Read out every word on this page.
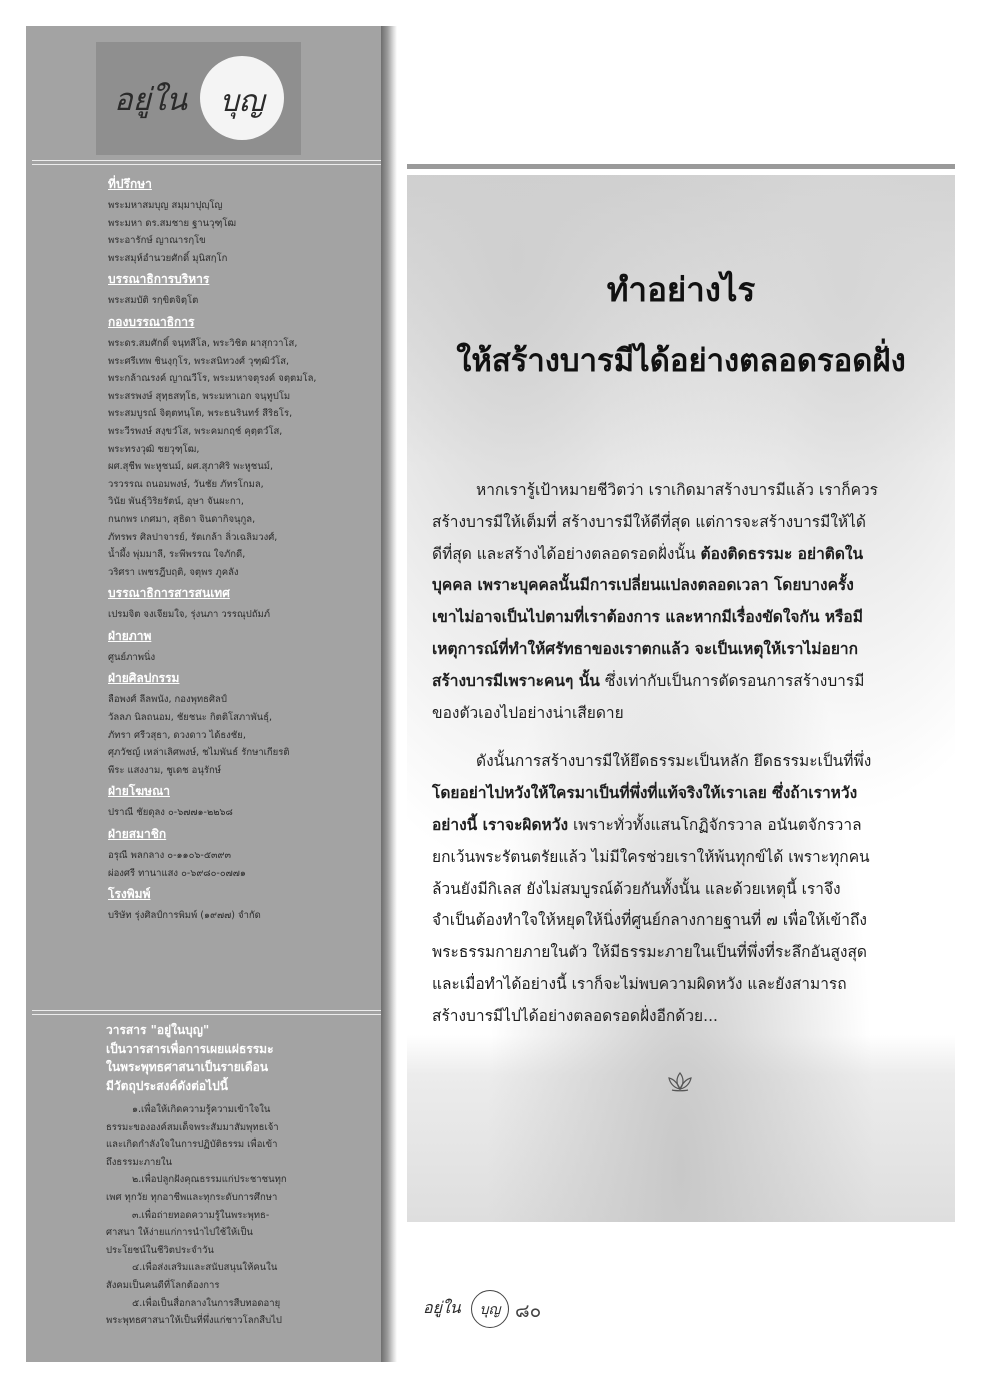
อยู่ใน	บุญ
ที่ปรึกษา
พระมหาสมบุญ สมฺมาปุญฺโญ
พระมหา ดร.สมชาย ฐานวุฑฺโฒ
พระอารักษ์ ญาณารกฺโข
พระสมุห์อำนวยศักดิ์ มุนิสกฺโก
บรรณาธิการบริหาร
พระสมบัติ รกฺขิตจิตฺโต
กองบรรณาธิการ
พระดร.สมศักดิ์ จนฺทสีโล, พระวิชิต ผาสุกวาโส,
พระศรีเทพ ชินงฺกุโร, พระสนิทวงศ์ วุฑฺฒิวํโส,
พระกล้าณรงค์ ญาณวีโร, พระมหาจตุรงค์ จตฺตมโล,
พระสรพงษ์ สุทฺธสทฺโธ, พระมหาเอก จนฺทูปโม
พระสมบูรณ์ จิตฺตทนฺโต, พระธนรินทร์ สีริธโร,
พระวีรพงษ์ สงฺขวํโส, พระคมกฤช์ คุตฺตวํโส,
พระทรงวุฒิ ชยวุฑฺโฒ,
ผศ.สุชีพ พะหูชนม์, ผศ.สุภาศิริ พะหูชนม์,
วรวรรณ ถนอมพงษ์, วันชัย ภัทรโกมล,
วินัย พันธุ์วิริยรัตน์, อุษา จันผะกา,
กนกพร เกศมา, สุธิดา จินดากิจนุกูล,
ภัทรพร ศิลปาจารย์, รัตเกล้า ลิ่วเฉลิมวงศ์,
น้ำผึ้ง พุ่มมาลี, ระพีพรรณ ใจภักดี,
วริศรา เพชรฎีบฤติ, จตุพร ภูคลัง
บรรณาธิการสารสนเทศ
เปรมจิต จงเจียมใจ, รุ่งนภา วรรณุปถัมภ์
ฝ่ายภาพ
ศูนย์ภาพนิ่ง
ฝ่ายศิลปกรรม
ลือพงศ์ ลีลพนัง, กองพุทธศิลป์
วัลลภ นิลถนอม, ชัยชนะ กิตติโสภาพันธุ์,
ภัทรา ศรีวสุธา, ดวงดาว ได้ธงชัย,
ศุภวัชญ์ เหล่าเลิศพงษ์, ชไมพันธ์ รักษาเกียรติ
พีระ แสงงาม, ชูเดช อนุรักษ์
ฝ่ายโฆษณา
ปราณี ชัยดุลง ๐-๖๗๗๑-๒๒๖๘
ฝ่ายสมาชิก
อรุณี พลกลาง ๐-๑๑๐๖-๕๓๙๓
ผ่องศรี ทานาแสง ๐-๖๙๘๐-๐๗๗๑
โรงพิมพ์
บริษัท รุ่งศิลป์การพิมพ์ (๑๙๗๗) จำกัด
วารสาร "อยู่ในบุญ"
เป็นวารสารเพื่อการเผยแผ่ธรรมะ
ในพระพุทธศาสนาเป็นรายเดือน
มีวัตถุประสงค์ดังต่อไปนี้
๑.เพื่อให้เกิดความรู้ความเข้าใจใน
ธรรมะขององค์สมเด็จพระสัมมาสัมพุทธเจ้า
และเกิดกำลังใจในการปฏิบัติธรรม เพื่อเข้า
ถึงธรรมะภายใน
๒.เพื่อปลูกฝังคุณธรรมแก่ประชาชนทุก
เพศ ทุกวัย ทุกอาชีพและทุกระดับการศึกษา
๓.เพื่อถ่ายทอดความรู้ในพระพุทธ-
ศาสนา ให้ง่ายแก่การนำไปใช้ให้เป็น
ประโยชน์ในชีวิตประจำวัน
๔.เพื่อส่งเสริมและสนับสนุนให้คนใน
สังคมเป็นคนดีที่โลกต้องการ
๕.เพื่อเป็นสื่อกลางในการสืบทอดอายุ
พระพุทธศาสนาให้เป็นที่พึ่งแก่ชาวโลกสืบไป
ทำอย่างไร
ให้สร้างบารมีได้อย่างตลอดรอดฝั่ง
หากเรารู้เป้าหมายชีวิตว่า เราเกิดมาสร้างบารมีแล้ว เราก็ควร
สร้างบารมีให้เต็มที่ สร้างบารมีให้ดีที่สุด แต่การจะสร้างบารมีให้ได้
ดีที่สุด และสร้างได้อย่างตลอดรอดฝั่งนั้น ต้องติดธรรมะ อย่าติดใน
บุคคล เพราะบุคคลนั้นมีการเปลี่ยนแปลงตลอดเวลา โดยบางครั้ง
เขาไม่อาจเป็นไปตามที่เราต้องการ และหากมีเรื่องขัดใจกัน หรือมี
เหตุการณ์ที่ทำให้ศรัทธาของเราตกแล้ว จะเป็นเหตุให้เราไม่อยาก
สร้างบารมีเพราะคนๆ นั้น ซึ่งเท่ากับเป็นการตัดรอนการสร้างบารมี
ของตัวเองไปอย่างน่าเสียดาย
ดังนั้นการสร้างบารมีให้ยึดธรรมะเป็นหลัก ยึดธรรมะเป็นที่พึ่ง
โดยอย่าไปหวังให้ใครมาเป็นที่พึ่งที่แท้จริงให้เราเลย ซึ่งถ้าเราหวัง
อย่างนี้ เราจะผิดหวัง เพราะทั่วทั้งแสนโกฏิจักรวาล อนันตจักรวาล
ยกเว้นพระรัตนตรัยแล้ว ไม่มีใครช่วยเราให้พ้นทุกข์ได้ เพราะทุกคน
ล้วนยังมีกิเลส ยังไม่สมบูรณ์ด้วยกันทั้งนั้น และด้วยเหตุนี้ เราจึง
จำเป็นต้องทำใจให้หยุดให้นิ่งที่ศูนย์กลางกายฐานที่ ๗ เพื่อให้เข้าถึง
พระธรรมกายภายในตัว ให้มีธรรมะภายในเป็นที่พึ่งที่ระลึกอันสูงสุด
และเมื่อทำได้อย่างนี้ เราก็จะไม่พบความผิดหวัง และยังสามารถ
สร้างบารมีไปได้อย่างตลอดรอดฝั่งอีกด้วย...
อยู่ใน	บุญ ๘๐
